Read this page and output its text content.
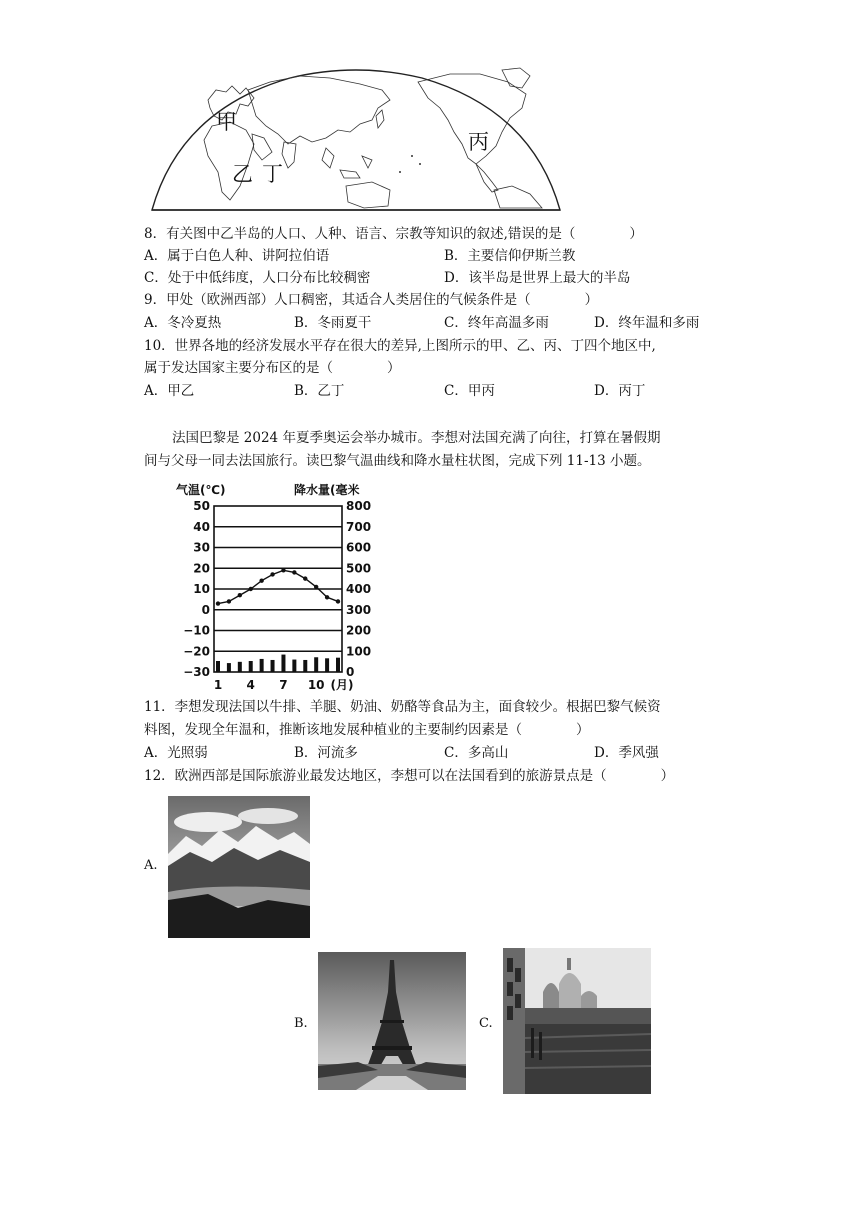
甲
乙 丁
丙
8．有关图中乙半岛的人口、人种、语言、宗教等知识的叙述,错误的是（　　　　）
A．属于白色人种、讲阿拉伯语	B．主要信仰伊斯兰教
C．处于中低纬度，人口分布比较稠密	D．该半岛是世界上最大的半岛
9．甲处（欧洲西部）人口稠密，其适合人类居住的气候条件是（　　　　）
A．冬冷夏热	B．冬雨夏干	C．终年高温多雨	D．终年温和多雨
10．世界各地的经济发展水平存在很大的差异,上图所示的甲、乙、丙、丁四个地区中,
属于发达国家主要分布区的是（　　　　）
A．甲乙	B．乙丁	C．甲丙	D．丙丁
法国巴黎是 2024 年夏季奥运会举办城市。李想对法国充满了向往，打算在暑假期
间与父母一同去法国旅行。读巴黎气温曲线和降水量柱状图，完成下列 11-13 小题。
气温(℃)	降水量(毫米
50
40
30
20
10
0
−10
−20
−30
800
700
600
500
400
300
200
100
0
1 4 7 10 (月)
11．李想发现法国以牛排、羊腿、奶油、奶酪等食品为主，面食较少。根据巴黎气候资
料图，发现全年温和，推断该地发展种植业的主要制约因素是（　　　　）
A．光照弱	B．河流多	C．多高山	D．季风强
12．欧洲西部是国际旅游业最发达地区，李想可以在法国看到的旅游景点是（　　　　）
A.
B.	C.
